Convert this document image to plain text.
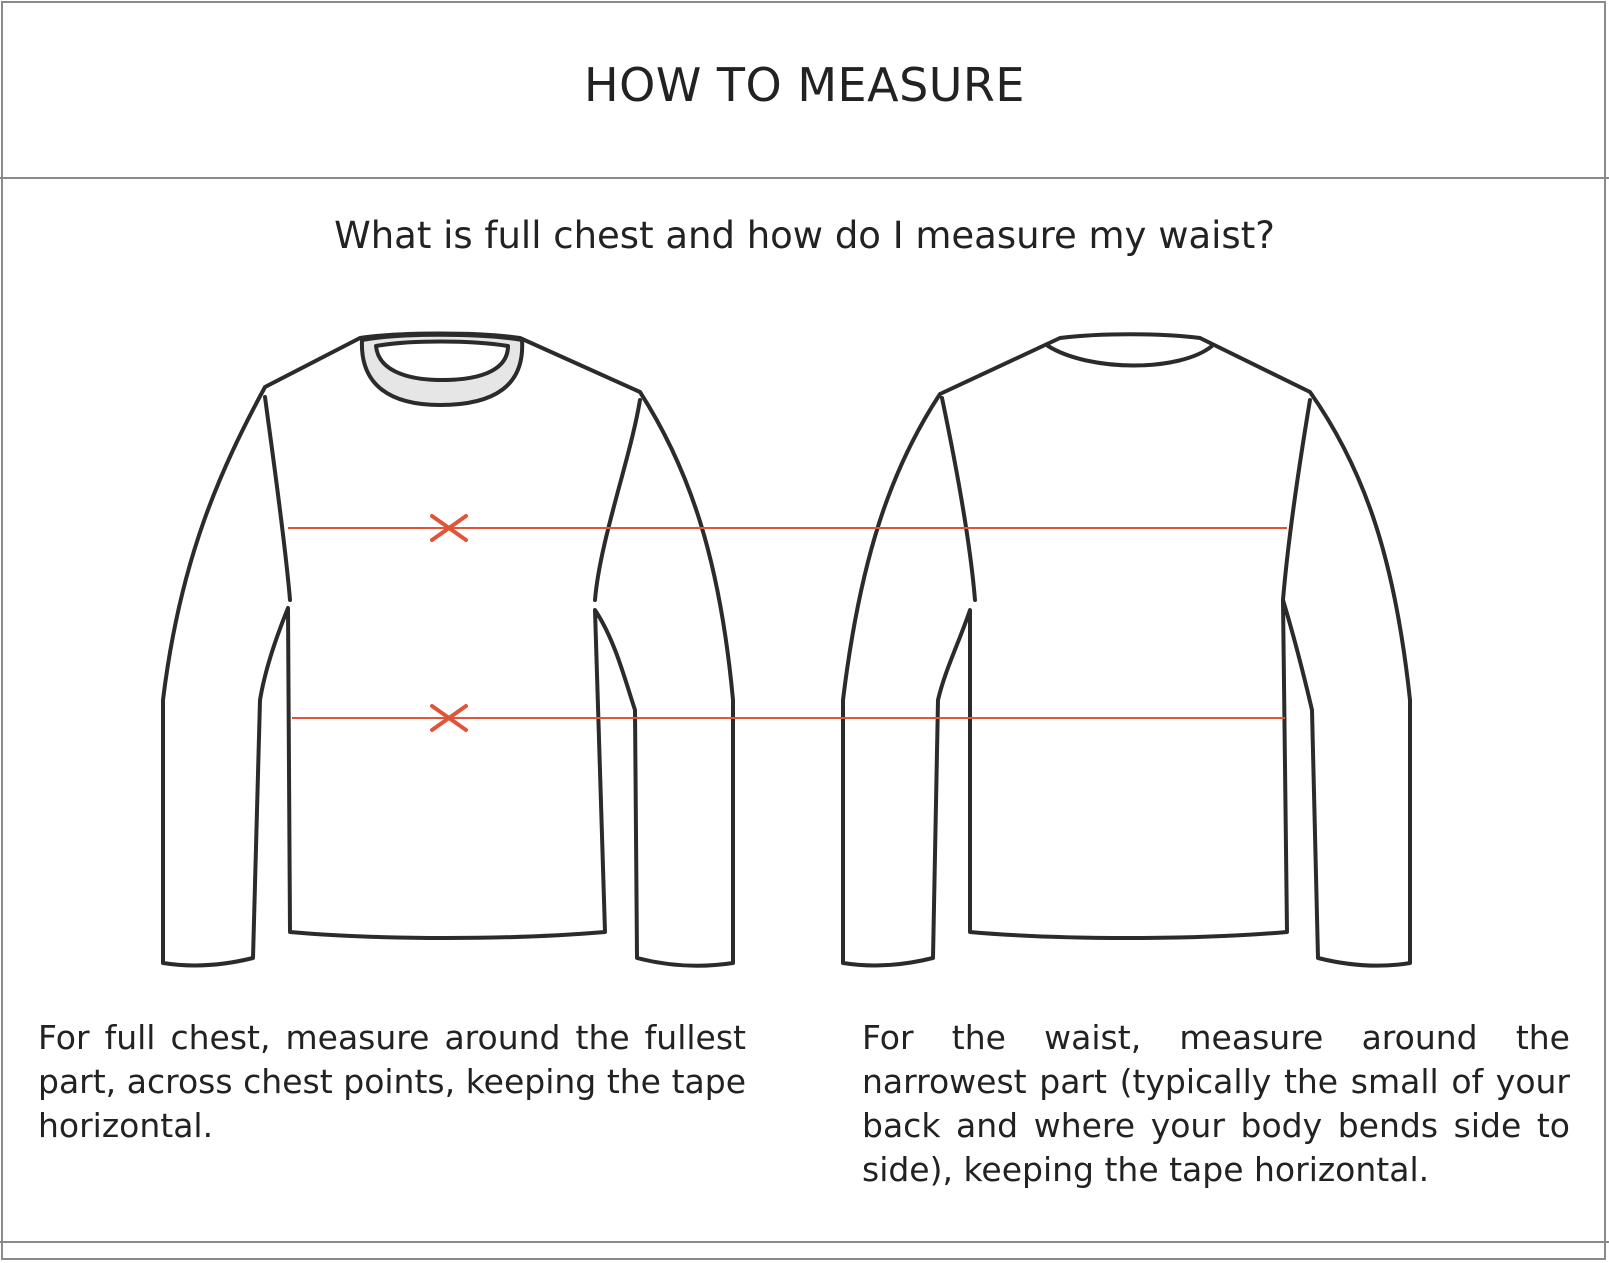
HOW TO MEASURE
What is full chest and how do I measure my waist?
For full chest, measure around the fullest part, across chest points, keeping the tape horizontal.
For the waist, measure around the narrowest part (typically the small of your back and where your body bends side to side), keeping the tape horizontal.
